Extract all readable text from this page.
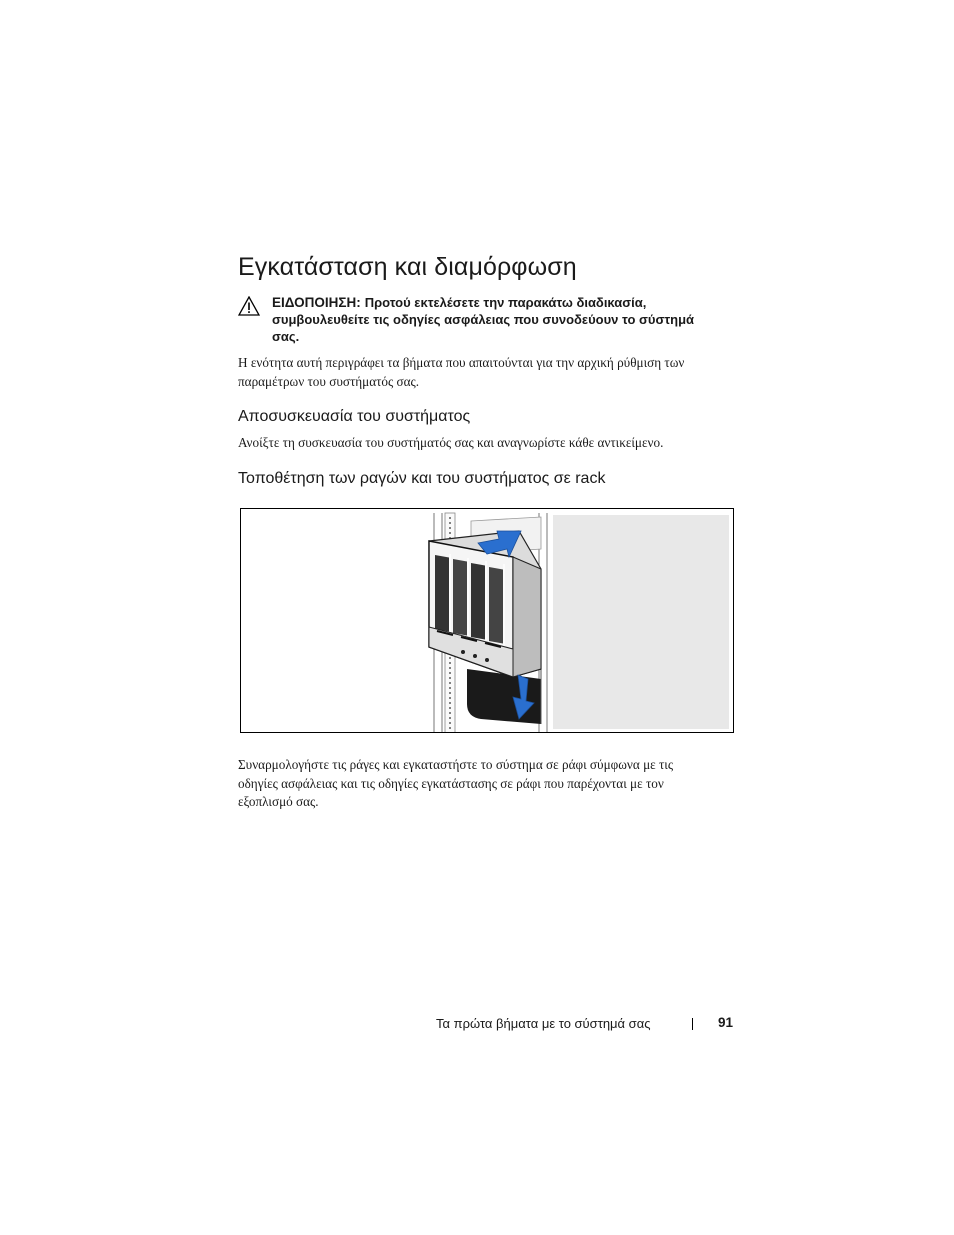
Εγκατάσταση και διαμόρφωση
ΕΙΔΟΠΟΙΗΣΗ: Προτού εκτελέσετε την παρακάτω διαδικασία,
συμβουλευθείτε τις οδηγίες ασφάλειας που συνοδεύουν το σύστημά
σας.

Η ενότητα αυτή περιγράφει τα βήματα που απαιτούνται για την αρχική ρύθμιση των
παραμέτρων του συστήματός σας.

Αποσυσκευασία του συστήματος

Ανοίξτε τη συσκευασία του συστήματός σας και αναγνωρίστε κάθε αντικείμενο.

Τοποθέτηση των ραγών και του συστήματος σε rack

Συναρμολογήστε τις ράγες και εγκαταστήστε το σύστημα σε ράφι σύμφωνα με τις
οδηγίες ασφάλειας και τις οδηγίες εγκατάστασης σε ράφι που παρέχονται με τον
εξοπλισμό σας.

Τα πρώτα βήματα με το σύστημά σας	91
